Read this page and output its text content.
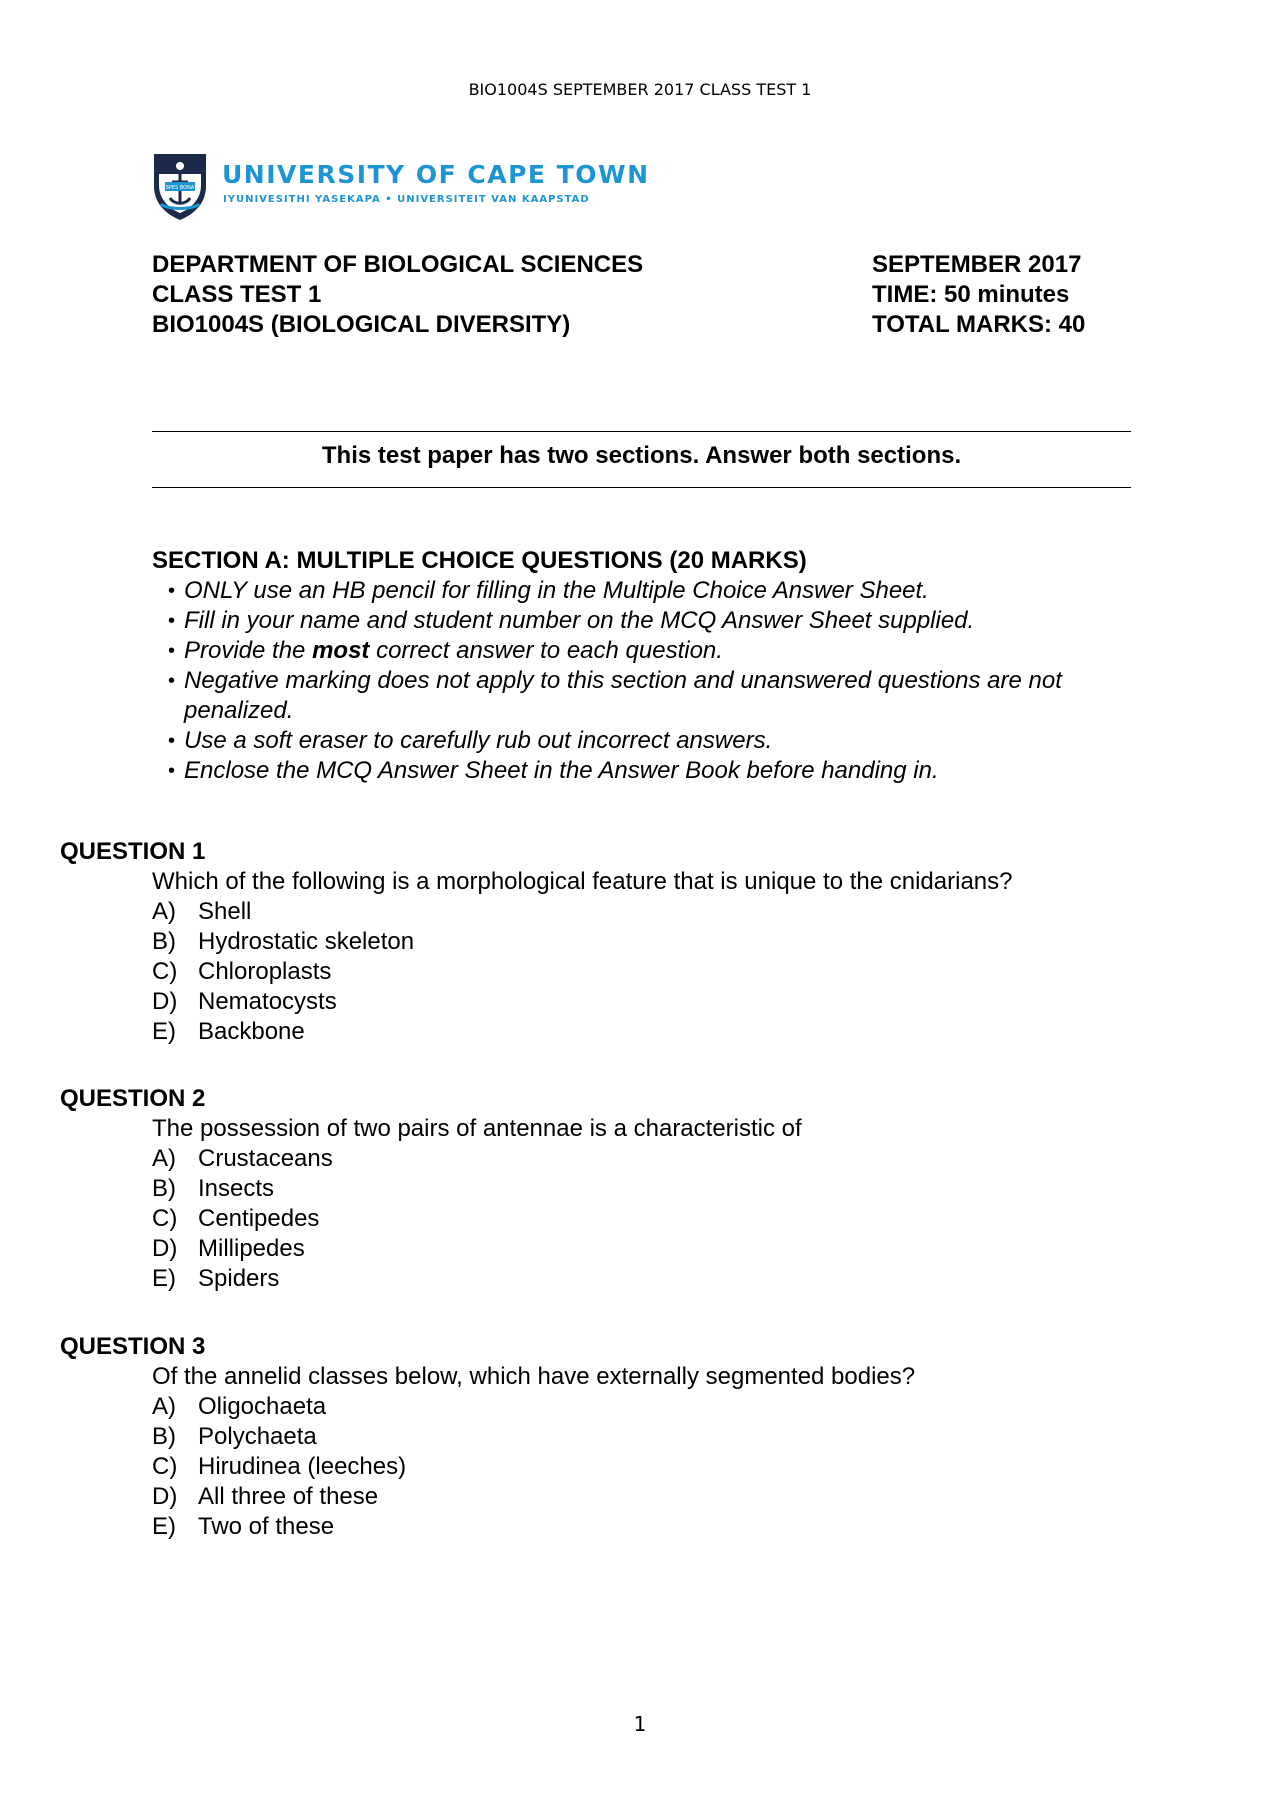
BIO1004S SEPTEMBER 2017 CLASS TEST 1
SPES BONA UNIVERSITY OF CAPE TOWN
IYUNIVESITHI YASEKAPA • UNIVERSITEIT VAN KAAPSTAD
DEPARTMENT OF BIOLOGICAL SCIENCES
CLASS TEST 1
BIO1004S (BIOLOGICAL DIVERSITY)
SEPTEMBER 2017
TIME: 50 minutes
TOTAL MARKS: 40
This test paper has two sections. Answer both sections.
SECTION A: MULTIPLE CHOICE QUESTIONS (20 MARKS)
• ONLY use an HB pencil for filling in the Multiple Choice Answer Sheet.
• Fill in your name and student number on the MCQ Answer Sheet supplied.
• Provide the most correct answer to each question.
• Negative marking does not apply to this section and unanswered questions are not penalized.
• Use a soft eraser to carefully rub out incorrect answers.
• Enclose the MCQ Answer Sheet in the Answer Book before handing in.
QUESTION 1
Which of the following is a morphological feature that is unique to the cnidarians?
A) Shell
B) Hydrostatic skeleton
C) Chloroplasts
D) Nematocysts
E) Backbone
QUESTION 2
The possession of two pairs of antennae is a characteristic of
A) Crustaceans
B) Insects
C) Centipedes
D) Millipedes
E) Spiders
QUESTION 3
Of the annelid classes below, which have externally segmented bodies?
A) Oligochaeta
B) Polychaeta
C) Hirudinea (leeches)
D) All three of these
E) Two of these
1
